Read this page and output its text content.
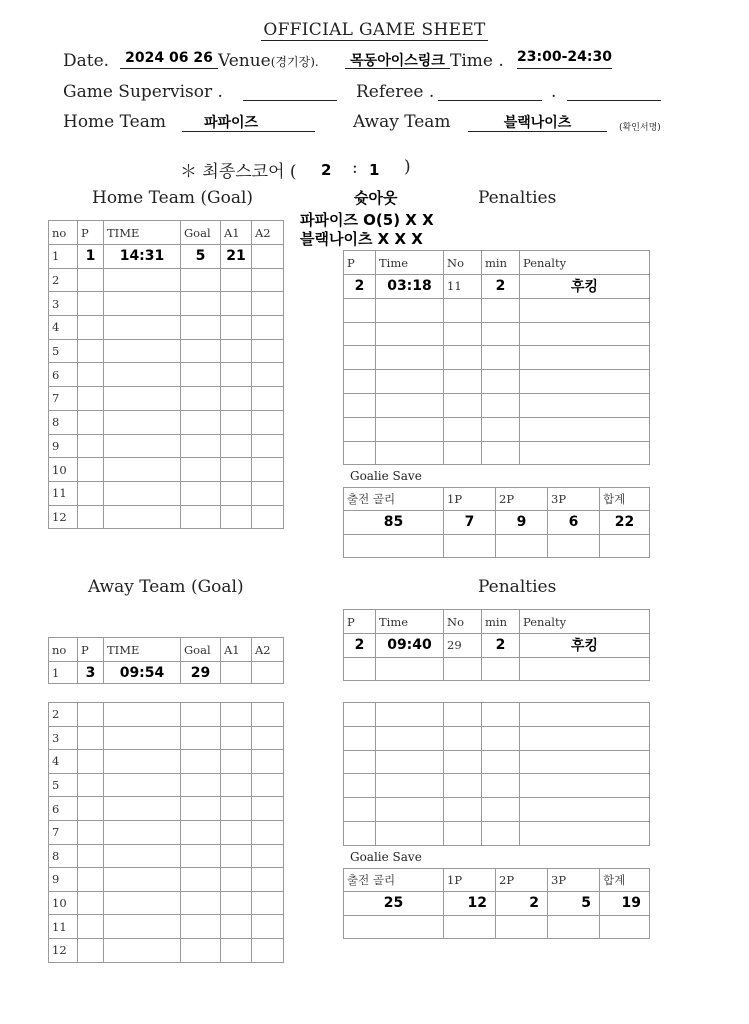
OFFICIAL GAME SHEET
Date.	2024 06 26 Venue(경기장).	목동아이스링크 Time . 23:00-24:30
Game Supervisor .	Referee .	.
Home Team	파파이즈	Away Team	블랙나이츠	(확인서명)
＊ 최종스코어 ( 2 : 1 )
슛아웃
파파이즈 O(5) X X
블랙나이츠 X X X
Home Team (Goal)
no	P	TIME	Goal	A1	A2
1	1	14:31	5	21	
2					
3					
4					
5					
6					
7					
8					
9					
10					
11					
12					
Penalties
P	Time	No	min	Penalty
2	03:18	11	2	후킹

Goalie Save
출전 골리	1P	2P	3P	합계
85	7	9	6	22

Away Team (Goal)
no	P	TIME	Goal	A1	A2
1	3	09:54	29		
2					
3					
4					
5					
6					
7					
8					
9					
10					
11					
12					
Penalties
P	Time	No	min	Penalty
2	09:40	29	2	후킹

Goalie Save
출전 골리	1P	2P	3P	합계
25	12	2	5	19
